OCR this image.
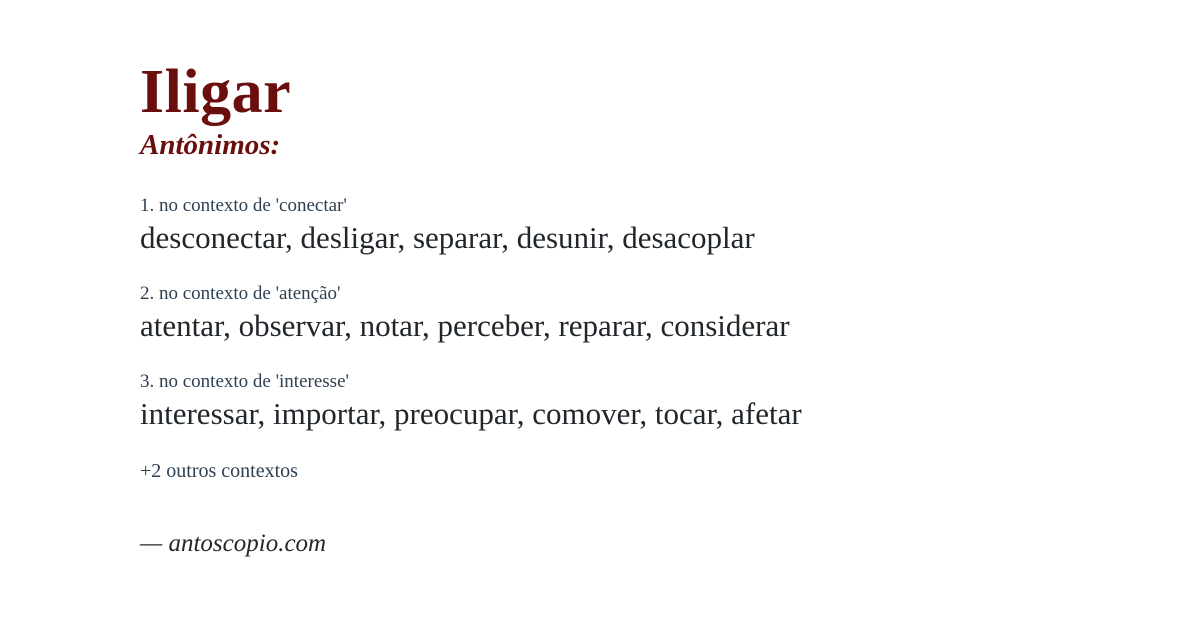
Iligar
Antônimos:
1. no contexto de 'conectar'
desconectar, desligar, separar, desunir, desacoplar
2. no contexto de 'atenção'
atentar, observar, notar, perceber, reparar, considerar
3. no contexto de 'interesse'
interessar, importar, preocupar, comover, tocar, afetar
+2 outros contextos
— antoscopio.com
